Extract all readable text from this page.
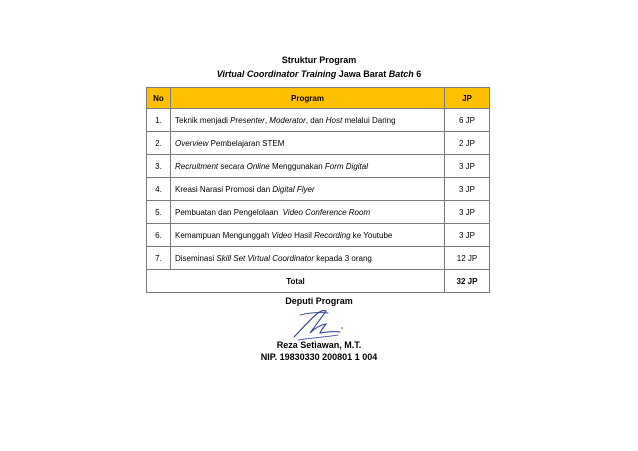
Struktur Program
Virtual Coordinator Training Jawa Barat Batch 6
No	Program	JP
1.	Teknik menjadi Presenter, Moderator, dan Host melalui Daring	6 JP
2.	Overview Pembelajaran STEM	2 JP
3.	Recruitment secara Online Menggunakan Form Digital	3 JP
4.	Kreasi Narasi Promosi dan Digital Flyer	3 JP
5.	Pembuatan dan Pengelolaan  Video Conference Room	3 JP
6.	Kemampuan Mengunggah Video Hasil Recording ke Youtube	3 JP
7.	Diseminasi Skill Set Virtual Coordinator kepada 3 orang	12 JP
Total		32 JP
Deputi Program
Reza Setiawan, M.T.
NIP. 19830330 200801 1 004
